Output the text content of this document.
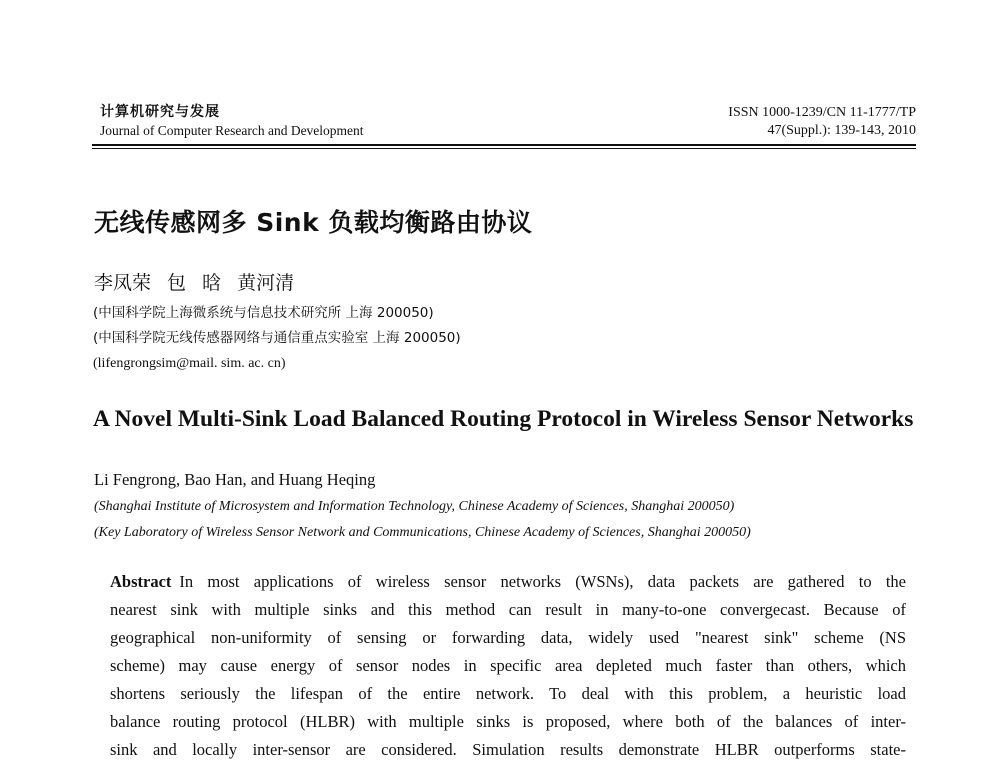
计算机研究与发展
Journal of Computer Research and Development
ISSN 1000-1239/CN 11-1777/TP
47(Suppl.): 139-143, 2010
无线传感网多 Sink 负载均衡路由协议
李凤荣 包 晗 黄河清
(中国科学院上海微系统与信息技术研究所 上海 200050)
(中国科学院无线传感器网络与通信重点实验室 上海 200050)
(lifengrongsim@mail. sim. ac. cn)
A Novel Multi-Sink Load Balanced Routing Protocol in Wireless Sensor Networks
Li Fengrong, Bao Han, and Huang Heqing
(Shanghai Institute of Microsystem and Information Technology, Chinese Academy of Sciences, Shanghai 200050)
(Key Laboratory of Wireless Sensor Network and Communications, Chinese Academy of Sciences, Shanghai 200050)
Abstract In most applications of wireless sensor networks (WSNs), data packets are gathered to the
nearest sink with multiple sinks and this method can result in many-to-one convergecast. Because of
geographical non-uniformity of sensing or forwarding data, widely used "nearest sink" scheme (NS
scheme) may cause energy of sensor nodes in specific area depleted much faster than others, which
shortens seriously the lifespan of the entire network. To deal with this problem, a heuristic load
balance routing protocol (HLBR) with multiple sinks is proposed, where both of the balances of inter-
sink and locally inter-sensor are considered. Simulation results demonstrate HLBR outperforms state-
